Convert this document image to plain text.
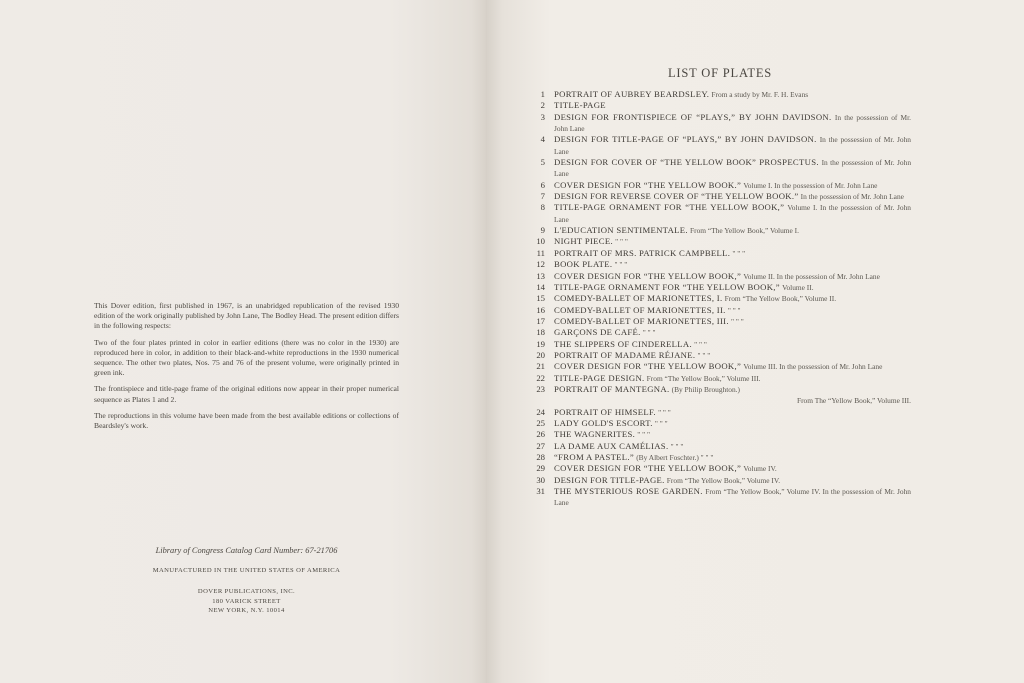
This Dover edition, first published in 1967, is an unabridged republication of the revised 1930 edition of the work originally published by John Lane, The Bodley Head. The present edition differs in the following respects:

Two of the four plates printed in color in earlier editions (there was no color in the 1930) are reproduced here in color, in addition to their black-and-white reproductions in the 1930 numerical sequence. The other two plates, Nos. 75 and 76 of the present volume, were originally printed in green ink.

The frontispiece and title-page frame of the original editions now appear in their proper numerical sequence as Plates 1 and 2.

The reproductions in this volume have been made from the best available editions or collections of Beardsley's work.

Library of Congress Catalog Card Number: 67-21706
MANUFACTURED IN THE UNITED STATES OF AMERICA
DOVER PUBLICATIONS, INC.
180 VARICK STREET
NEW YORK, N.Y. 10014
LIST OF PLATES
1	PORTRAIT OF AUBREY BEARDSLEY. From a study by Mr. F. H. Evans
2	TITLE-PAGE
3	DESIGN FOR FRONTISPIECE OF “PLAYS,” BY JOHN DAVIDSON. In the possession of Mr. John Lane
4	DESIGN FOR TITLE-PAGE OF “PLAYS,” BY JOHN DAVIDSON. In the possession of Mr. John Lane
5	DESIGN FOR COVER OF “THE YELLOW BOOK” PROSPECTUS. In the possession of Mr. John Lane
6	COVER DESIGN FOR “THE YELLOW BOOK.” Volume I. In the possession of Mr. John Lane
7	DESIGN FOR REVERSE COVER OF “THE YELLOW BOOK.” In the possession of Mr. John Lane
8	TITLE-PAGE ORNAMENT FOR “THE YELLOW BOOK,” Volume I. In the possession of Mr. John Lane
9	L'EDUCATION SENTIMENTALE. From “The Yellow Book,” Volume I.
10	NIGHT PIECE. " " "
11	PORTRAIT OF MRS. PATRICK CAMPBELL. " " "
12	BOOK PLATE. " " "
13	COVER DESIGN FOR “THE YELLOW BOOK,” Volume II. In the possession of Mr. John Lane
14	TITLE-PAGE ORNAMENT FOR “THE YELLOW BOOK,” Volume II.
15	COMEDY-BALLET OF MARIONETTES, I. From “The Yellow Book,” Volume II.
16	COMEDY-BALLET OF MARIONETTES, II. " " "
17	COMEDY-BALLET OF MARIONETTES, III. " " "
18	GARÇONS DE CAFÉ. " " "
19	THE SLIPPERS OF CINDERELLA. " " "
20	PORTRAIT OF MADAME RÉJANE. " " "
21	COVER DESIGN FOR “THE YELLOW BOOK,” Volume III. In the possession of Mr. John Lane
22	TITLE-PAGE DESIGN. From “The Yellow Book,” Volume III.
23	PORTRAIT OF MANTEGNA. (By Philip Broughton.)
From The “Yellow Book,” Volume III.
24	PORTRAIT OF HIMSELF. " " "
25	LADY GOLD'S ESCORT. " " "
26	THE WAGNERITES. " " "
27	LA DAME AUX CAMÉLIAS. " " "
28	“FROM A PASTEL.” (By Albert Foschter.) " " "
29	COVER DESIGN FOR “THE YELLOW BOOK,” Volume IV.
30	DESIGN FOR TITLE-PAGE. From “The Yellow Book,” Volume IV.
31	THE MYSTERIOUS ROSE GARDEN. From “The Yellow Book,” Volume IV. In the possession of Mr. John Lane
